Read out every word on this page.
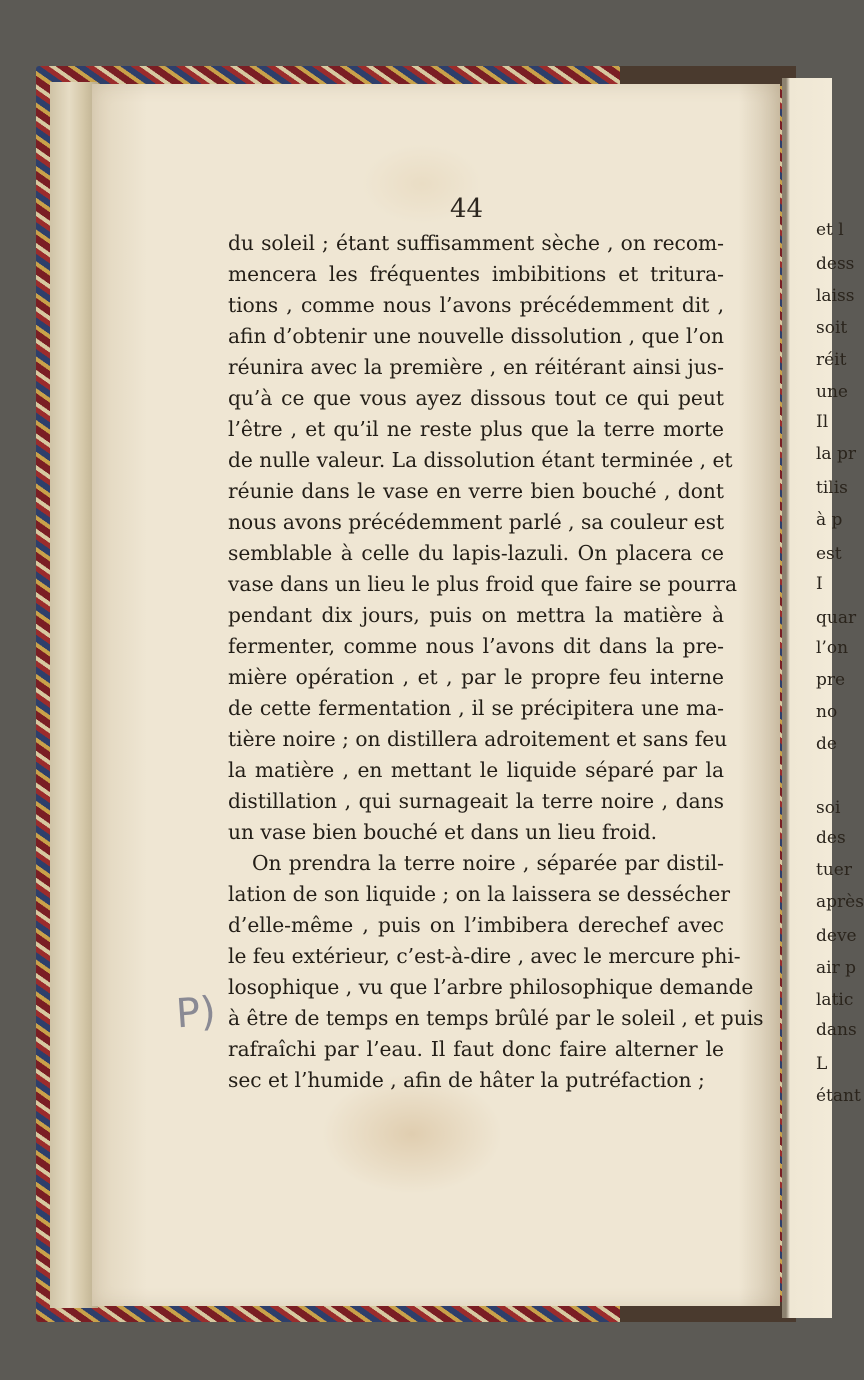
et l
dess
laiss
soit
réit
une
Il
la pr
tilis
à p
est
I
quar
l’on
pre
no
de
soi
des
tuer
après
deve
air p
latic
dans
L
étant
44
du soleil ; étant suffisamment sèche , on recom-
mencera les fréquentes imbibitions et tritura-
tions , comme nous l’avons précédemment dit ,
afin d’obtenir une nouvelle dissolution , que l’on
réunira avec la première , en réitérant ainsi jus-
qu’à ce que vous ayez dissous tout ce qui peut
l’être , et qu’il ne reste plus que la terre morte
de nulle valeur. La dissolution étant terminée , et
réunie dans le vase en verre bien bouché , dont
nous avons précédemment parlé , sa couleur est
semblable à celle du lapis-lazuli. On placera ce
vase dans un lieu le plus froid que faire se pourra
pendant dix jours, puis on mettra la matière à
fermenter, comme nous l’avons dit dans la pre-
mière opération , et , par le propre feu interne
de cette fermentation , il se précipitera une ma-
tière noire ; on distillera adroitement et sans feu
la matière , en mettant le liquide séparé par la
distillation , qui surnageait la terre noire , dans
un vase bien bouché et dans un lieu froid.
On prendra la terre noire , séparée par distil-
lation de son liquide ; on la laissera se dessécher
d’elle-même , puis on l’imbibera derechef avec
le feu extérieur, c’est-à-dire , avec le mercure phi-
losophique , vu que l’arbre philosophique demande
à être de temps en temps brûlé par le soleil , et puis
rafraîchi par l’eau. Il faut donc faire alterner le
sec et l’humide , afin de hâter la putréfaction ;
P)
